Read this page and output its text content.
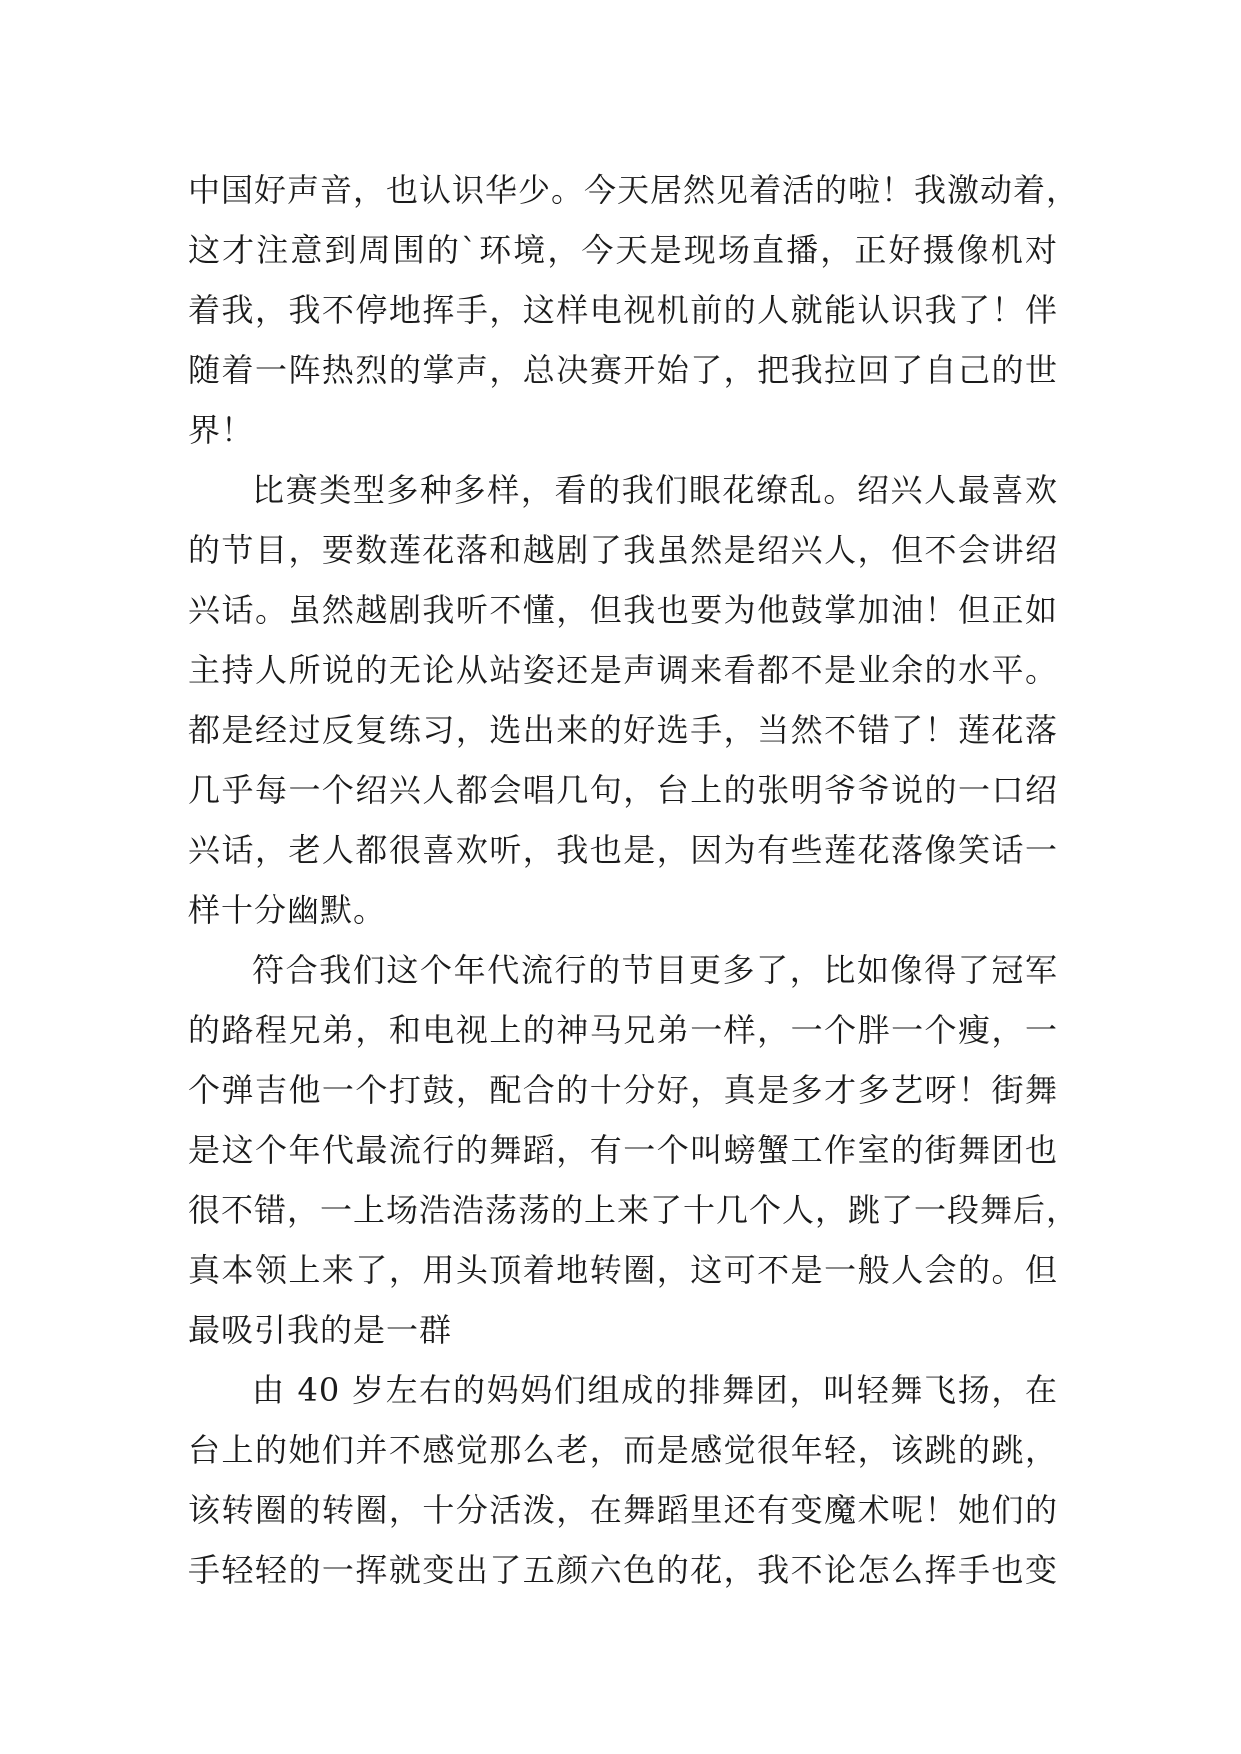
中国好声音，也认识华少。今天居然见着活的啦！我激动着，
这才注意到周围的`环境，今天是现场直播，正好摄像机对
着我，我不停地挥手，这样电视机前的人就能认识我了！伴
随着一阵热烈的掌声，总决赛开始了，把我拉回了自己的世
界！
比赛类型多种多样，看的我们眼花缭乱。绍兴人最喜欢
的节目，要数莲花落和越剧了我虽然是绍兴人，但不会讲绍
兴话。虽然越剧我听不懂，但我也要为他鼓掌加油！但正如
主持人所说的无论从站姿还是声调来看都不是业余的水平。
都是经过反复练习，选出来的好选手，当然不错了！莲花落
几乎每一个绍兴人都会唱几句，台上的张明爷爷说的一口绍
兴话，老人都很喜欢听，我也是，因为有些莲花落像笑话一
样十分幽默。
符合我们这个年代流行的节目更多了，比如像得了冠军
的路程兄弟，和电视上的神马兄弟一样，一个胖一个瘦，一
个弹吉他一个打鼓，配合的十分好，真是多才多艺呀！街舞
是这个年代最流行的舞蹈，有一个叫螃蟹工作室的街舞团也
很不错，一上场浩浩荡荡的上来了十几个人，跳了一段舞后，
真本领上来了，用头顶着地转圈，这可不是一般人会的。但
最吸引我的是一群
由 40 岁左右的妈妈们组成的排舞团，叫轻舞飞扬，在
台上的她们并不感觉那么老，而是感觉很年轻，该跳的跳，
该转圈的转圈，十分活泼，在舞蹈里还有变魔术呢！她们的
手轻轻的一挥就变出了五颜六色的花，我不论怎么挥手也变
